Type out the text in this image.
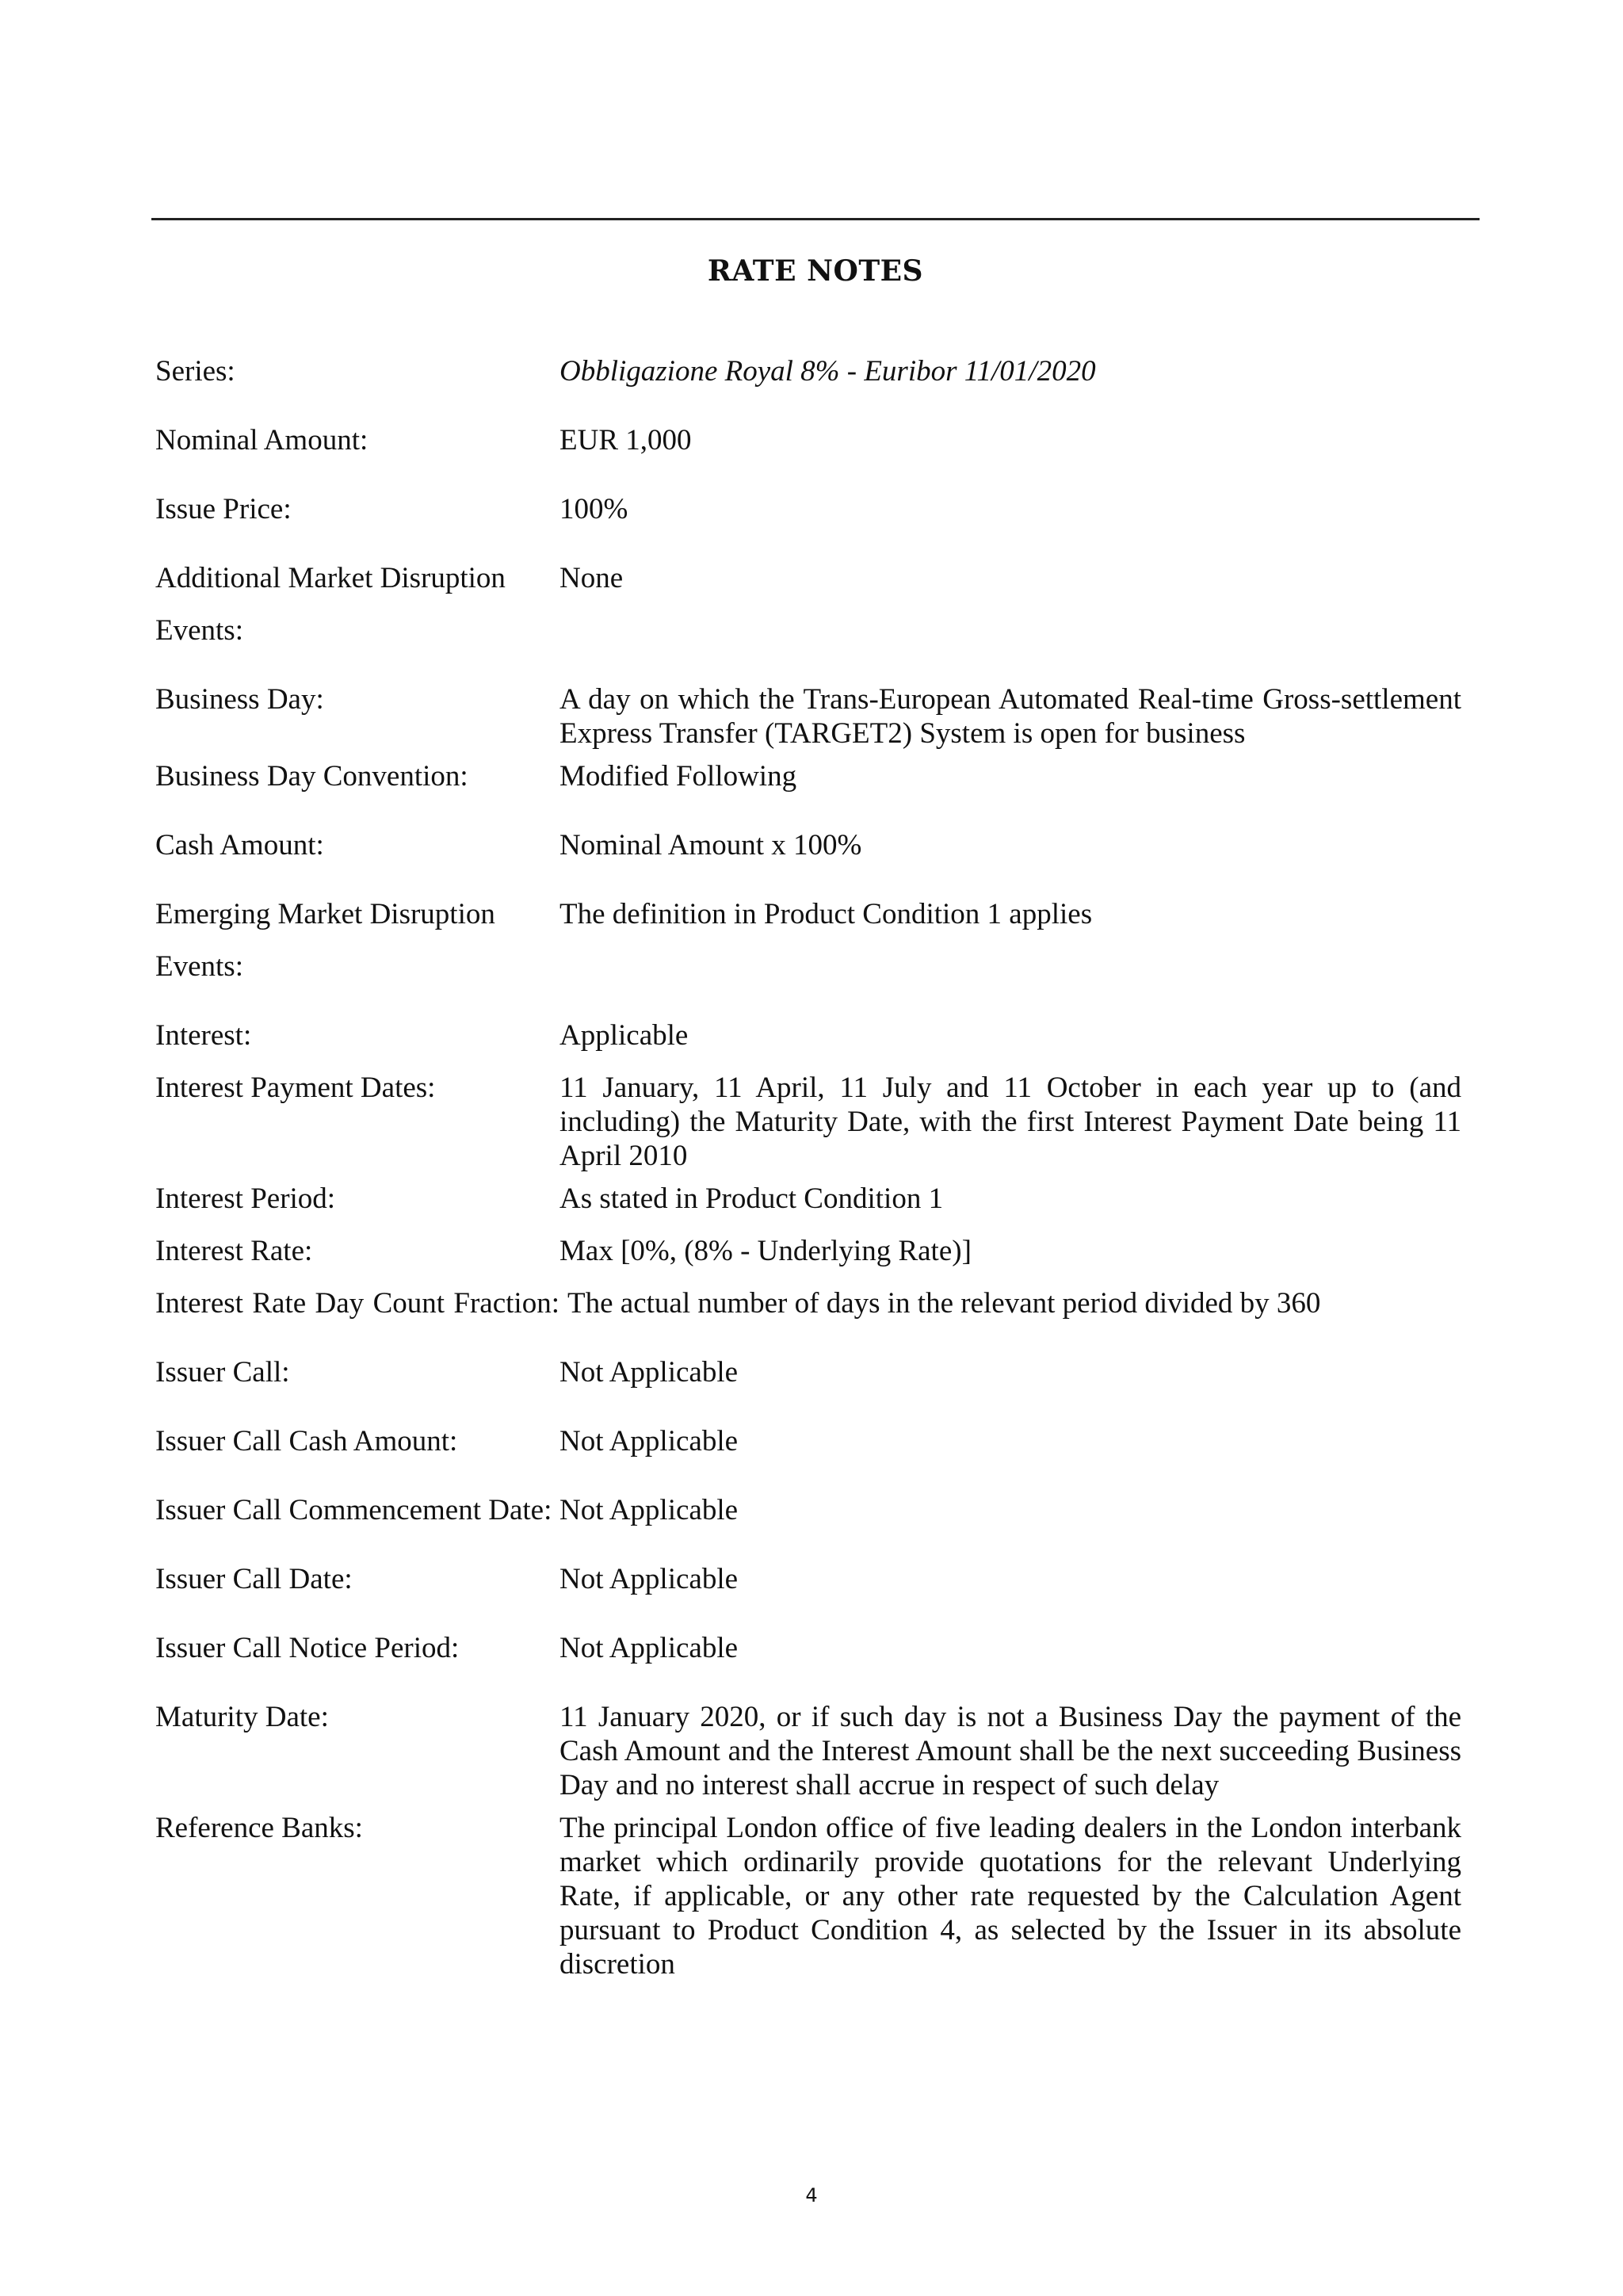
RATE NOTES
Series:	Obbligazione Royal 8% - Euribor 11/01/2020
Nominal Amount:	EUR 1,000
Issue Price:	100%
Additional Market Disruption Events:
None
Business Day:	A day on which the Trans-European Automated Real-time Gross-settlement Express Transfer (TARGET2) System is open for business
Business Day Convention:	Modified Following
Cash Amount:	Nominal Amount x 100%
Emerging Market Disruption Events:
The definition in Product Condition 1 applies
Interest:	Applicable
Interest Payment Dates:	11 January, 11 April, 11 July and 11 October in each year up to (and including) the Maturity Date, with the first Interest Payment Date being 11 April 2010
Interest Period:	As stated in Product Condition 1
Interest Rate:	Max [0%, (8% - Underlying Rate)]
Interest Rate Day Count Fraction: The actual number of days in the relevant period divided by 360
Issuer Call:	Not Applicable
Issuer Call Cash Amount:	Not Applicable
Issuer Call Commencement Date: Not Applicable
Issuer Call Date:	Not Applicable
Issuer Call Notice Period:	Not Applicable
Maturity Date:	11 January 2020, or if such day is not a Business Day the payment of the Cash Amount and the Interest Amount shall be the next succeeding Business Day and no interest shall accrue in respect of such delay
Reference Banks:	The principal London office of five leading dealers in the London interbank market which ordinarily provide quotations for the relevant Underlying Rate, if applicable, or any other rate requested by the Calculation Agent pursuant to Product Condition 4, as selected by the Issuer in its absolute discretion
4
